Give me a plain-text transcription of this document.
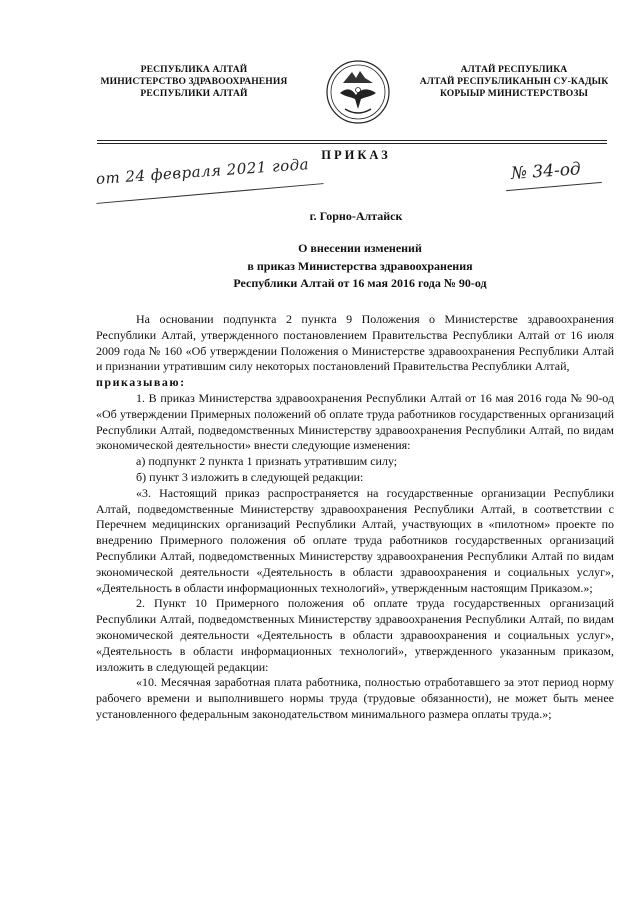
РЕСПУБЛИКА АЛТАЙ
МИНИСТЕРСТВО ЗДРАВООХРАНЕНИЯ
РЕСПУБЛИКИ АЛТАЙ
АЛТАЙ РЕСПУБЛИКА
АЛТАЙ РЕСПУБЛИКАНЫН СУ-КАДЫК
КОРЫЫР МИНИСТЕРСТВОЗЫ
ПРИКАЗ
от 24 февраля 2021 года	№ 34-од
г. Горно-Алтайск
О внесении изменений
в приказ Министерства здравоохранения
Республики Алтай от 16 мая 2016 года № 90-од

На основании подпункта 2 пункта 9 Положения о Министерстве здравоохранения Республики Алтай, утвержденного постановлением Правительства Республики Алтай от 16 июля 2009 года № 160 «Об утверждении Положения о Министерстве здравоохранения Республики Алтай и признании утратившим силу некоторых постановлений Правительства Республики Алтай,

приказываю:

1. В приказ Министерства здравоохранения Республики Алтай от 16 мая 2016 года № 90-од «Об утверждении Примерных положений об оплате труда работников государственных организаций Республики Алтай, подведомственных Министерству здравоохранения Республики Алтай, по видам экономической деятельности» внести следующие изменения:

а) подпункт 2 пункта 1 признать утратившим силу;

б) пункт 3 изложить в следующей редакции:

«3. Настоящий приказ распространяется на государственные организации Республики Алтай, подведомственные Министерству здравоохранения Республики Алтай, в соответствии с Перечнем медицинских организаций Республики Алтай, участвующих в «пилотном» проекте по внедрению Примерного положения об оплате труда работников государственных организаций Республики Алтай, подведомственных Министерству здравоохранения Республики Алтай по видам экономической деятельности «Деятельность в области здравоохранения и социальных услуг», «Деятельность в области информационных технологий», утвержденным настоящим Приказом.»;

2. Пункт 10 Примерного положения об оплате труда государственных организаций Республики Алтай, подведомственных Министерству здравоохранения Республики Алтай, по видам экономической деятельности «Деятельность в области здравоохранения и социальных услуг», «Деятельность в области информационных технологий», утвержденного указанным приказом, изложить в следующей редакции:

«10. Месячная заработная плата работника, полностью отработавшего за этот период норму рабочего времени и выполнившего нормы труда (трудовые обязанности), не может быть менее установленного федеральным законодательством минимального размера оплаты труда.»;
